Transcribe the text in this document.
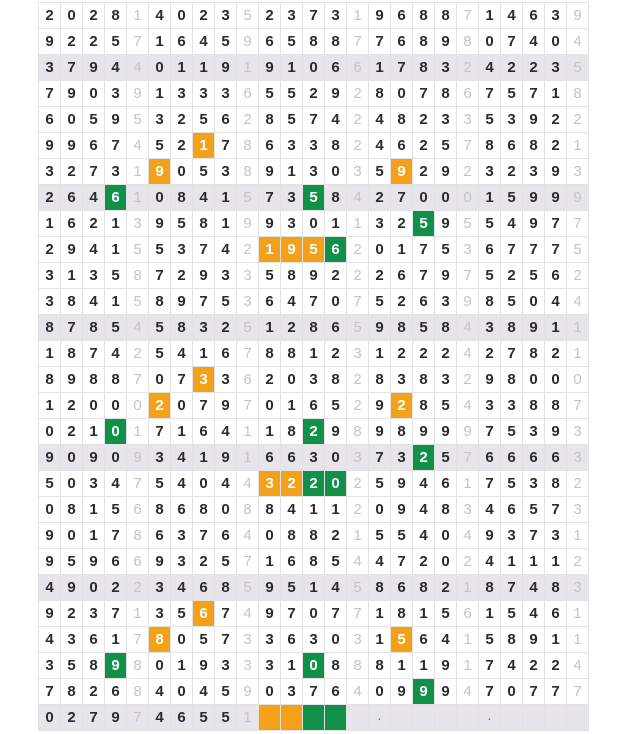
2 0 2 8 1 4 0 2 3 5 2 3 7 3 1 9 6 8 8 7 1 4 6 3 9
9 2 2 5 7 1 6 4 5 9 6 5 8 8 7 7 6 8 9 8 0 7 4 0 4
3 7 9 4 4 0 1 1 9 1 9 1 0 6 6 1 7 8 3 2 4 2 2 3 5
7 9 0 3 9 1 3 3 3 6 5 5 2 9 2 8 0 7 8 6 7 5 7 1 8
6 0 5 9 5 3 2 5 6 2 8 5 7 4 2 4 8 2 3 3 5 3 9 2 2
9 9 6 7 4 5 2 1 7 8 6 3 3 8 2 4 6 2 5 7 8 6 8 2 1
3 2 7 3 1 9 0 5 3 8 9 1 3 0 3 5 9 2 9 2 3 2 3 9 3
2 6 4 6 1 0 8 4 1 5 7 3 5 8 4 2 7 0 0 0 1 5 9 9 9
1 6 2 1 3 9 5 8 1 9 9 3 0 1 1 3 2 5 9 5 5 4 9 7 7
2 9 4 1 5 5 3 7 4 2 1 9 5 6 2 0 1 7 5 3 6 7 7 7 5
3 1 3 5 8 7 2 9 3 3 5 8 9 2 2 2 6 7 9 7 5 2 5 6 2
3 8 4 1 5 8 9 7 5 3 6 4 7 0 7 5 2 6 3 9 8 5 0 4 4
8 7 8 5 4 5 8 3 2 5 1 2 8 6 5 9 8 5 8 4 3 8 9 1 1
1 8 7 4 2 5 4 1 6 7 8 8 1 2 3 1 2 2 2 4 2 7 8 2 1
8 9 8 8 7 0 7 3 3 6 2 0 3 8 2 8 3 8 3 2 9 8 0 0 0
1 2 0 0 0 2 0 7 9 7 0 1 6 5 2 9 2 8 5 4 3 3 8 8 7
0 2 1 0 1 7 1 6 4 1 1 8 2 9 8 9 8 9 9 9 7 5 3 9 3
9 0 9 0 9 3 4 1 9 1 6 6 3 0 3 7 3 2 5 7 6 6 6 6 3
5 0 3 4 7 5 4 0 4 4 3 2 2 0 2 5 9 4 6 1 7 5 3 8 2
0 8 1 5 6 8 6 8 0 8 8 4 1 1 2 0 9 4 8 3 4 6 5 7 3
9 0 1 7 8 6 3 7 6 4 0 8 8 2 1 5 5 4 0 4 9 3 7 3 1
9 5 9 6 6 9 3 2 5 7 1 6 8 5 4 4 7 2 0 2 4 1 1 1 2
4 9 0 2 2 3 4 6 8 5 9 5 1 4 5 8 6 8 2 1 8 7 4 8 3
9 2 3 7 1 3 5 6 7 4 9 7 0 7 7 1 8 1 5 6 1 5 4 6 1
4 3 6 1 7 8 0 5 7 3 3 6 3 0 3 1 5 6 4 1 5 8 9 1 1
3 5 8 9 8 0 1 9 3 3 3 1 0 8 8 8 1 1 9 1 7 4 2 2 4
7 8 2 6 8 4 0 4 5 9 0 3 7 6 4 0 9 9 9 4 7 0 7 7 7
0 2 7 9 7 4 6 5 5 1	.	.
